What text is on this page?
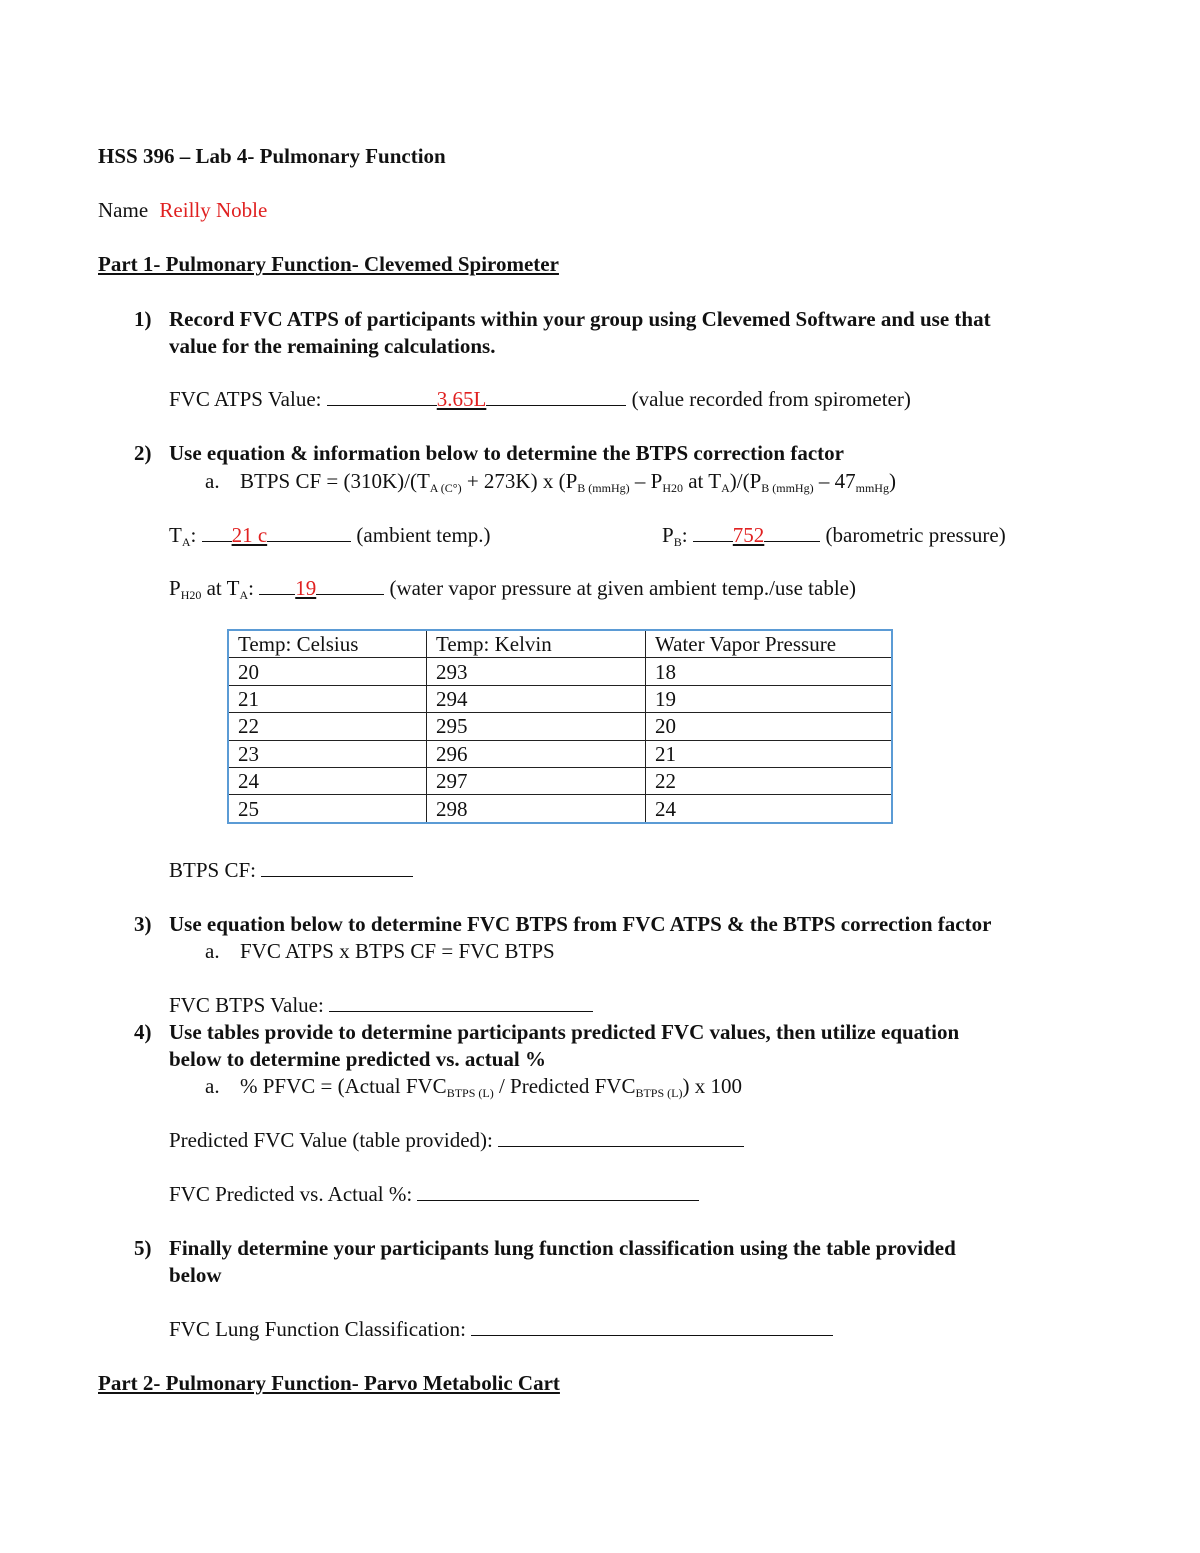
HSS 396 – Lab 4- Pulmonary Function
Name Reilly Noble
Part 1- Pulmonary Function- Clevemed Spirometer
1) Record FVC ATPS of participants within your group using Clevemed Software and use that
value for the remaining calculations.
FVC ATPS Value:	3.65L	(value recorded from spirometer)
2) Use equation & information below to determine the BTPS correction factor
a. BTPS CF = $(310K)/(T_{A (C^\circ)} + 273K)$ x ($P_{B (mmHg)} - P_{H20}$ at $T_A)/(P_{B (mmHg)} - 47_{mmHg})$
$T_A$: 21 c	(ambient temp.)	$P_B$: 752	(barometric pressure)
$P_{H20}$ at $T_A$: 19	(water vapor pressure at given ambient temp./use table)
Temp: Celsius	Temp: Kelvin	Water Vapor Pressure
20	293	18
21	294	19
22	295	20
23	296	21
24	297	22
25	298	24
BTPS CF:
3) Use equation below to determine FVC BTPS from FVC ATPS & the BTPS correction factor
a. FVC ATPS x BTPS CF = FVC BTPS
FVC BTPS Value:
4) Use tables provide to determine participants predicted FVC values, then utilize equation
below to determine predicted vs. actual %
a. % PFVC = (Actual $FVC_{BTPS (L)}$ / Predicted $FVC_{BTPS (L)}$) x 100
Predicted FVC Value (table provided):
FVC Predicted vs. Actual %:
5) Finally determine your participants lung function classification using the table provided
below
FVC Lung Function Classification:
Part 2- Pulmonary Function- Parvo Metabolic Cart
